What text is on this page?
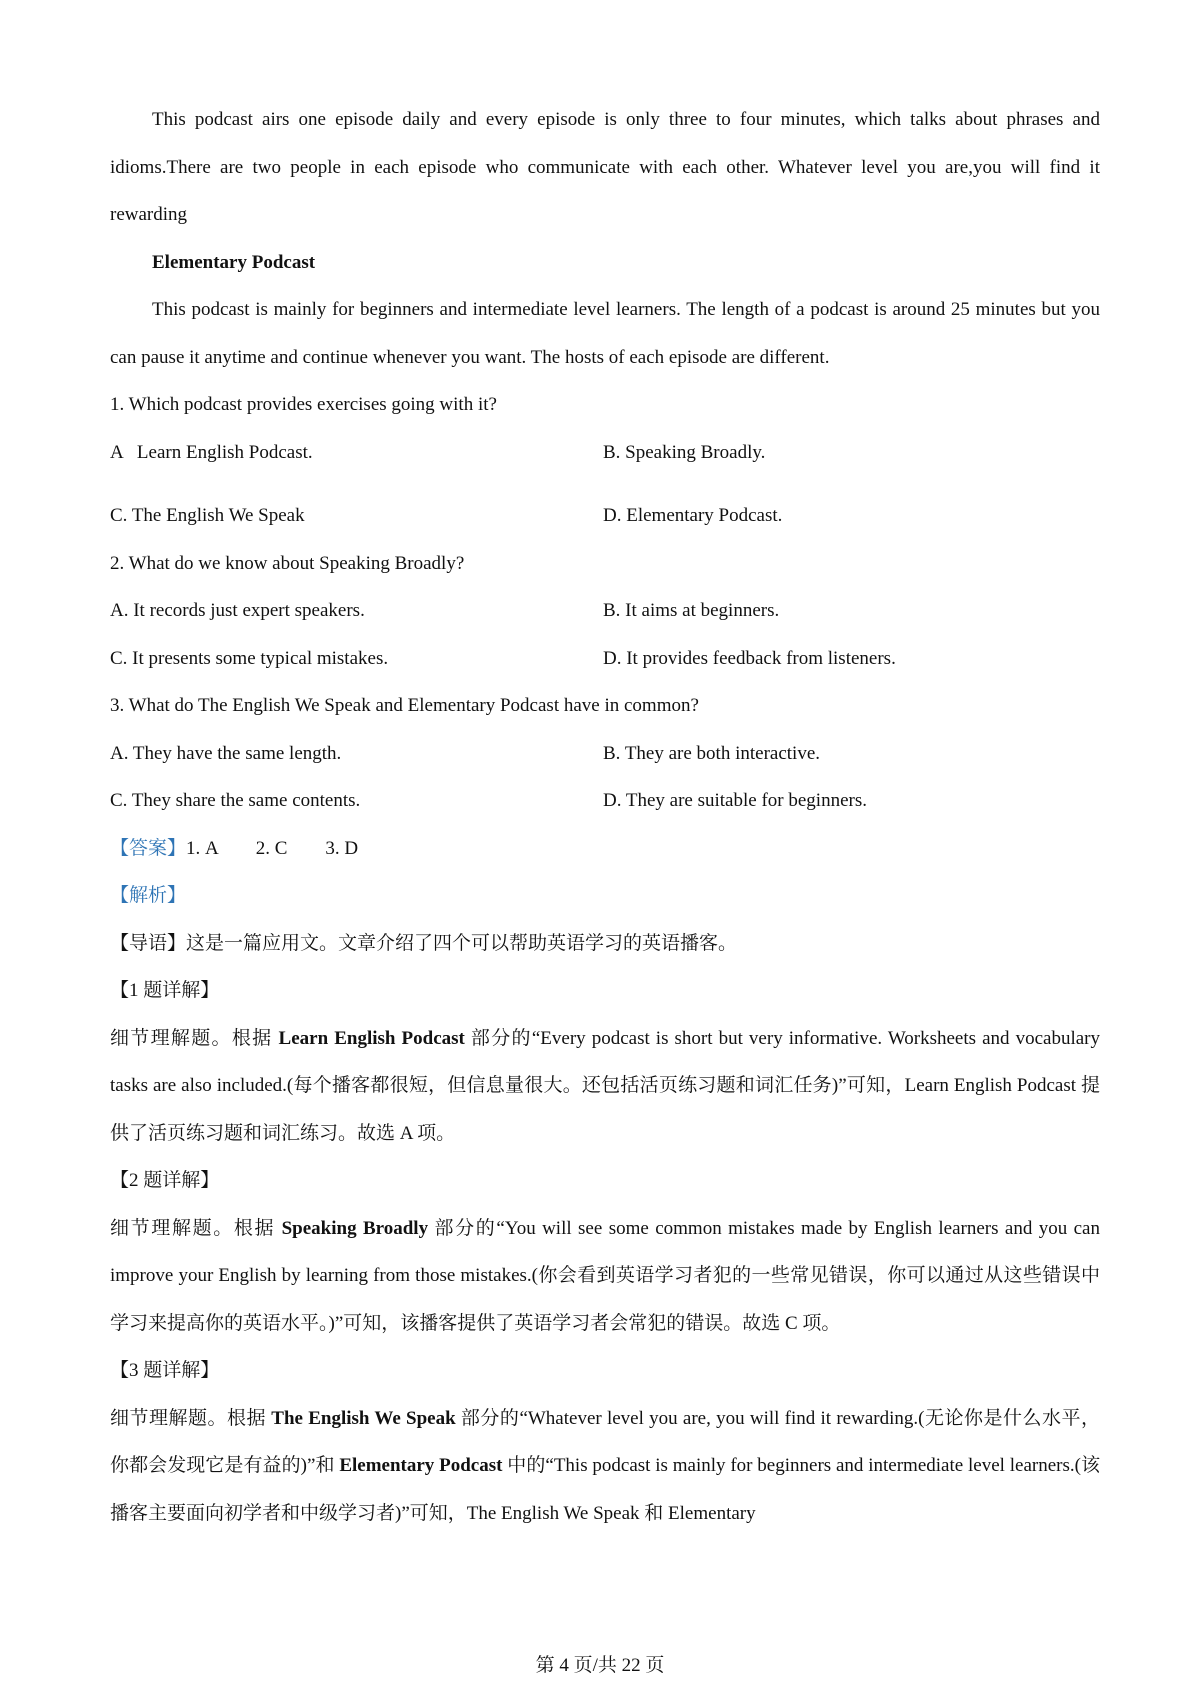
This podcast airs one episode daily and every episode is only three to four minutes, which talks about phrases and idioms.There are two people in each episode who communicate with each other. Whatever level you are,you will find it rewarding

Elementary Podcast

This podcast is mainly for beginners and intermediate level learners. The length of a podcast is around 25 minutes but you can pause it anytime and continue whenever you want. The hosts of each episode are different.

1. Which podcast provides exercises going with it?

A   Learn English Podcast.	B. Speaking Broadly.
C. The English We Speak	D. Elementary Podcast.

2. What do we know about Speaking Broadly?

A. It records just expert speakers.	B. It aims at beginners.
C. It presents some typical mistakes.	D. It provides feedback from listeners.

3. What do The English We Speak and Elementary Podcast have in common?

A. They have the same length.	B. They are both interactive.
C. They share the same contents.	D. They are suitable for beginners.

【答案】1. A        2. C        3. D

【解析】

【导语】这是一篇应用文。文章介绍了四个可以帮助英语学习的英语播客。

【1 题详解】

细节理解题。根据 Learn English Podcast 部分的“Every podcast is short but very informative. Worksheets and vocabulary tasks are also included.(每个播客都很短，但信息量很大。还包括活页练习题和词汇任务)”可知，Learn English Podcast 提供了活页练习题和词汇练习。故选 A 项。

【2 题详解】

细节理解题。根据 Speaking Broadly 部分的“You will see some common mistakes made by English learners and you can improve your English by learning from those mistakes.(你会看到英语学习者犯的一些常见错误，你可以通过从这些错误中学习来提高你的英语水平。)”可知，该播客提供了英语学习者会常犯的错误。故选 C 项。

【3 题详解】

细节理解题。根据 The English We Speak 部分的“Whatever level you are, you will find it rewarding.(无论你是什么水平，你都会发现它是有益的)”和 Elementary Podcast 中的“This podcast is mainly for beginners and intermediate level learners.(该播客主要面向初学者和中级学习者)”可知，The English We Speak 和 Elementary

第 4 页/共 22 页
